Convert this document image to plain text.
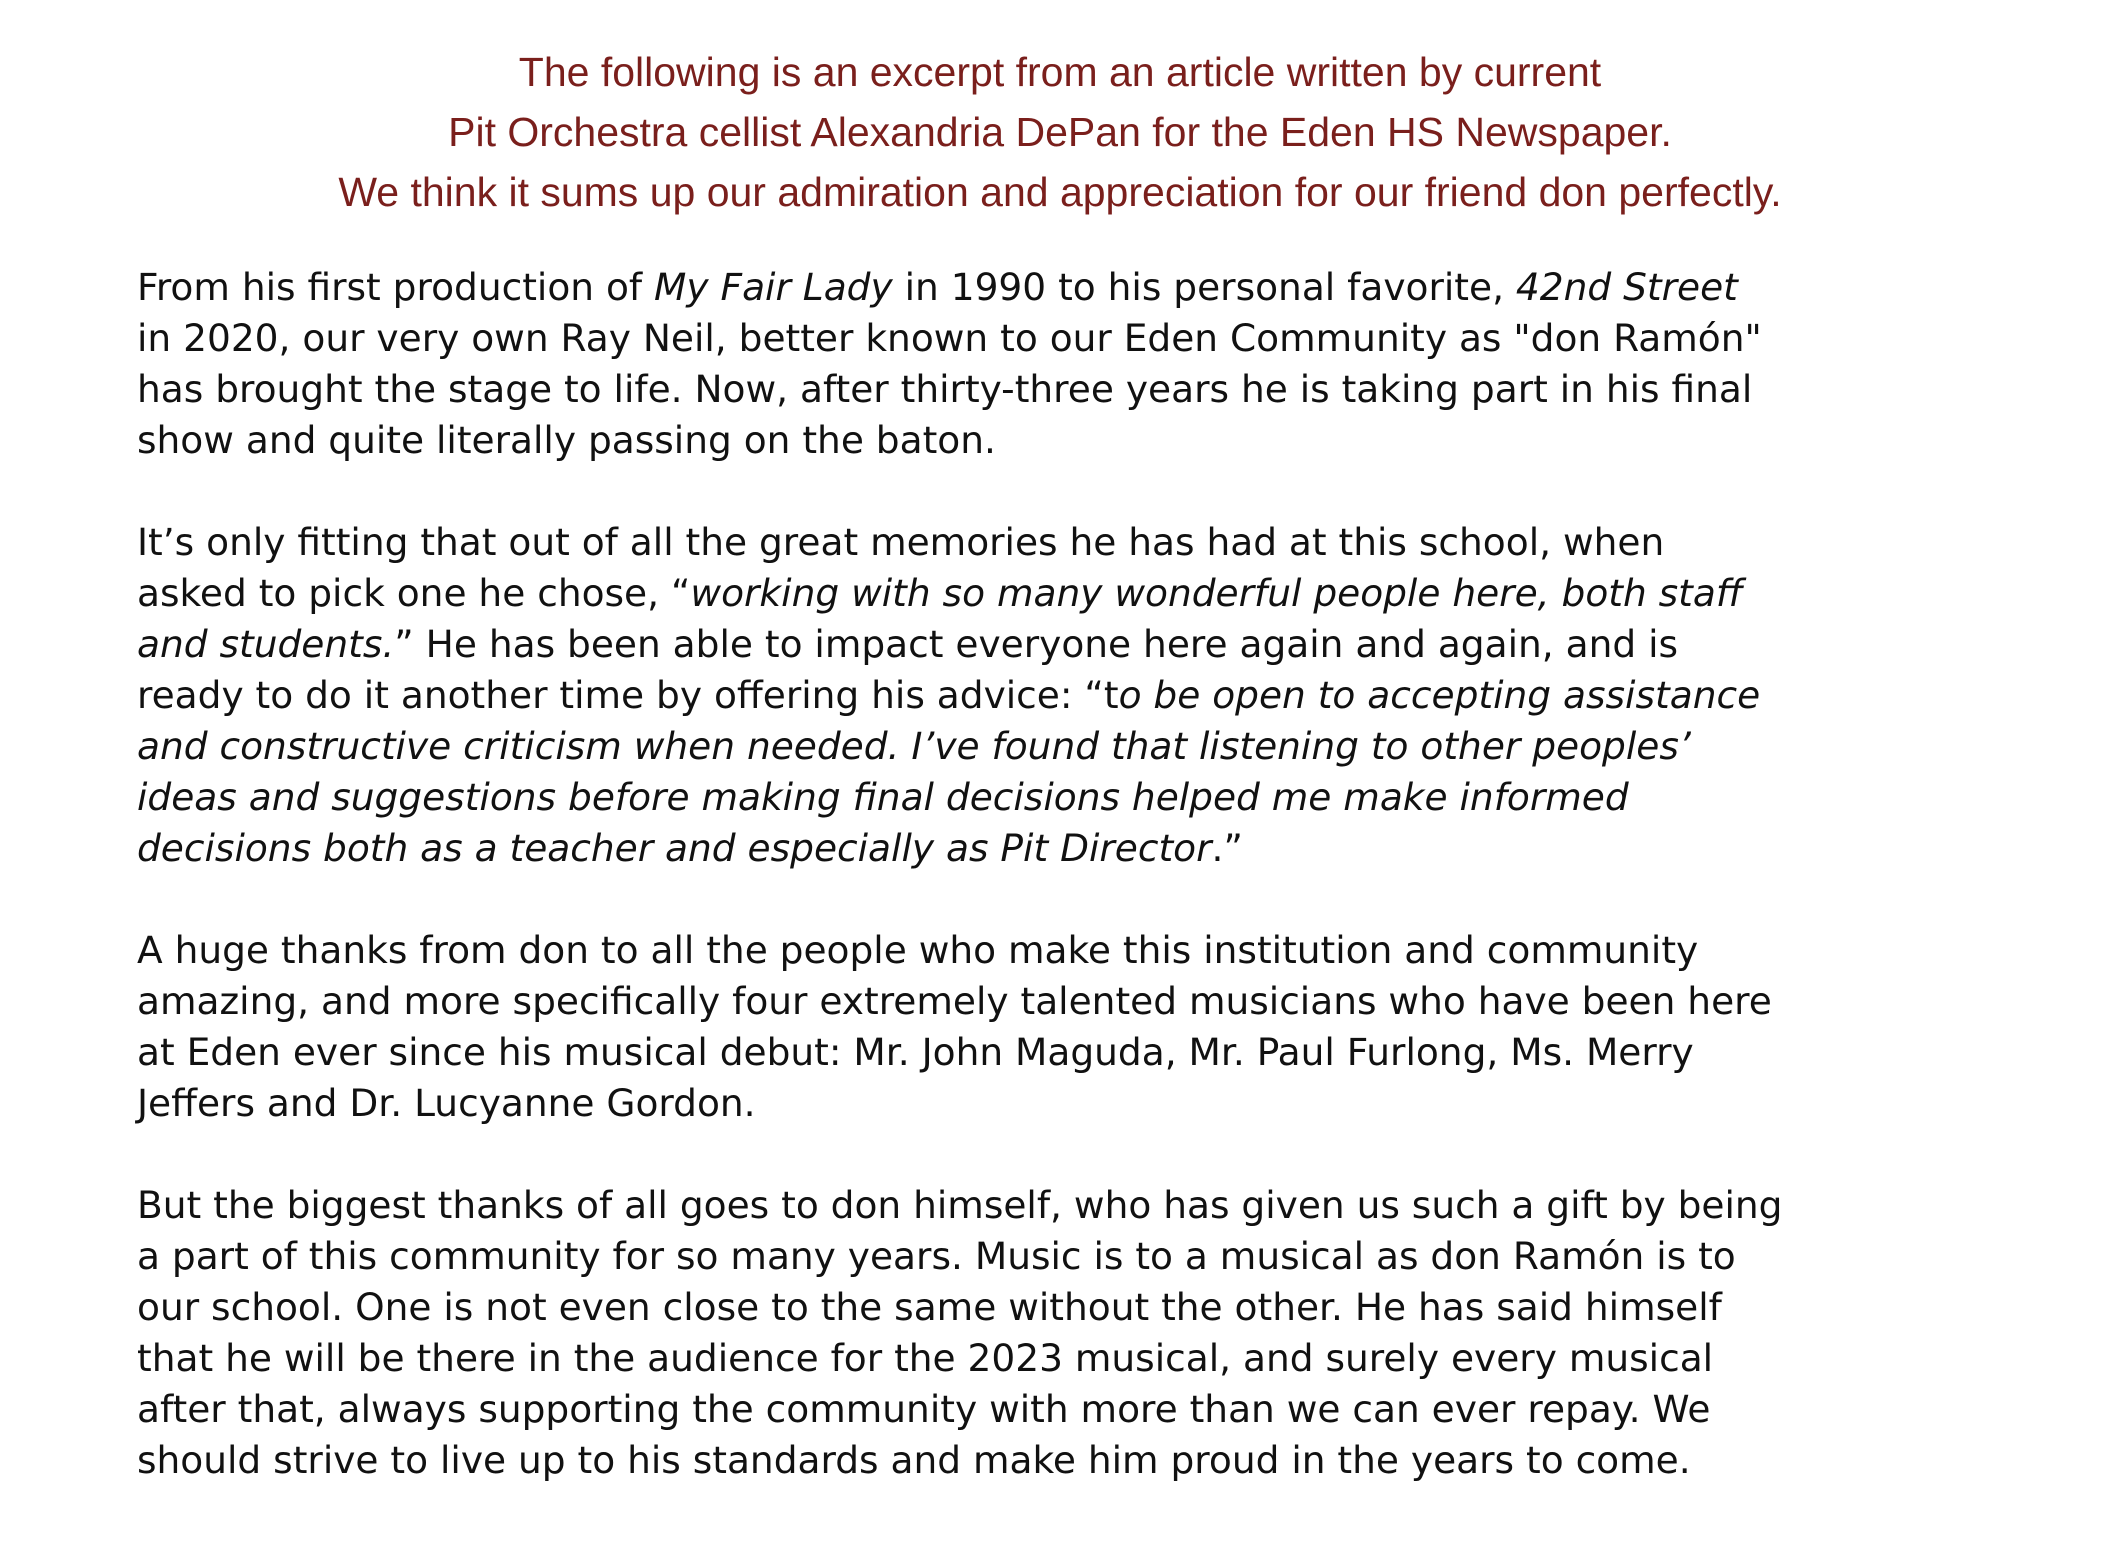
The following is an excerpt from an article written by current
Pit Orchestra cellist Alexandria DePan for the Eden HS Newspaper.
We think it sums up our admiration and appreciation for our friend don perfectly.

From his first production of My Fair Lady in 1990 to his personal favorite, 42nd Street
in 2020, our very own Ray Neil, better known to our Eden Community as "don Ramón"
has brought the stage to life. Now, after thirty-three years he is taking part in his final
show and quite literally passing on the baton.

It’s only fitting that out of all the great memories he has had at this school, when
asked to pick one he chose, “working with so many wonderful people here, both staff
and students.” He has been able to impact everyone here again and again, and is
ready to do it another time by offering his advice: “to be open to accepting assistance
and constructive criticism when needed. I’ve found that listening to other peoples’
ideas and suggestions before making final decisions helped me make informed
decisions both as a teacher and especially as Pit Director.”

A huge thanks from don to all the people who make this institution and community
amazing, and more specifically four extremely talented musicians who have been here
at Eden ever since his musical debut: Mr. John Maguda, Mr. Paul Furlong, Ms. Merry
Jeffers and Dr. Lucyanne Gordon.

But the biggest thanks of all goes to don himself, who has given us such a gift by being
a part of this community for so many years. Music is to a musical as don Ramón is to
our school. One is not even close to the same without the other. He has said himself
that he will be there in the audience for the 2023 musical, and surely every musical
after that, always supporting the community with more than we can ever repay. We
should strive to live up to his standards and make him proud in the years to come.
